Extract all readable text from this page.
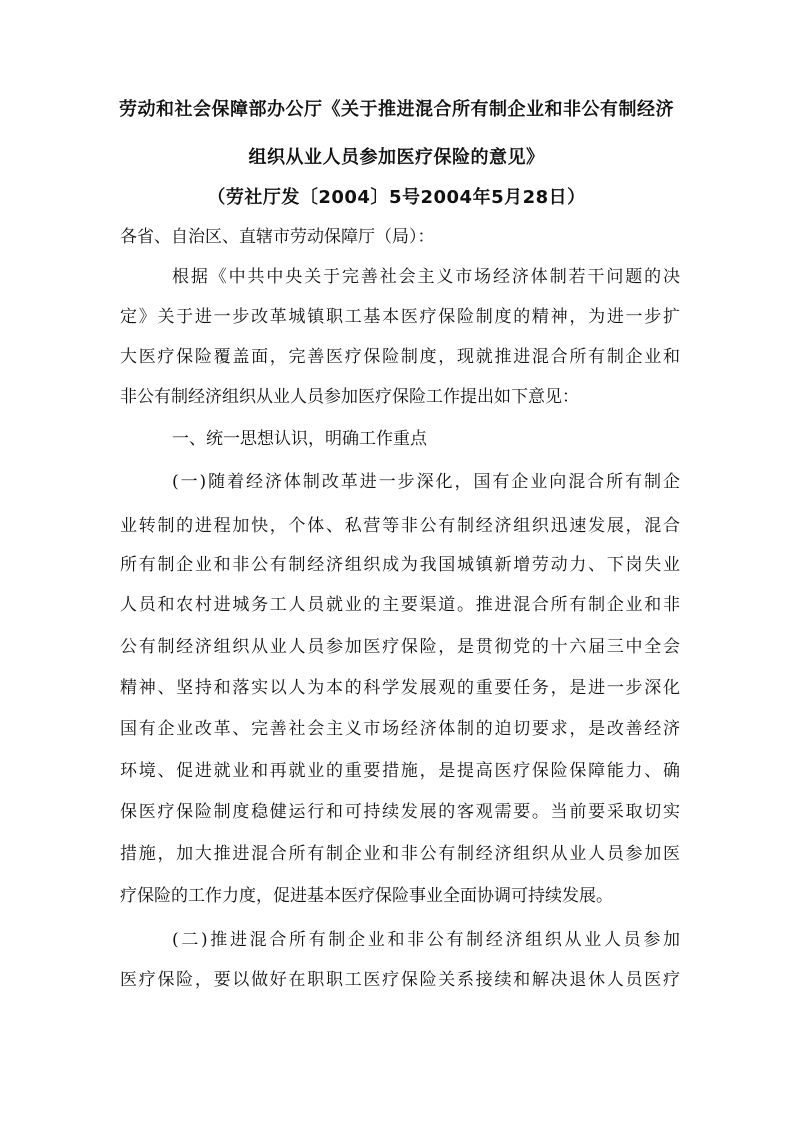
劳动和社会保障部办公厅《关于推进混合所有制企业和非公有制经济
组织从业人员参加医疗保险的意见》
（劳社厅发〔2004〕5号2004年5月28日）
各省、自治区、直辖市劳动保障厅（局）：
根据《中共中央关于完善社会主义市场经济体制若干问题的决
定》关于进一步改革城镇职工基本医疗保险制度的精神，为进一步扩
大医疗保险覆盖面，完善医疗保险制度，现就推进混合所有制企业和
非公有制经济组织从业人员参加医疗保险工作提出如下意见：
一、统一思想认识，明确工作重点
(一)随着经济体制改革进一步深化，国有企业向混合所有制企
业转制的进程加快，个体、私营等非公有制经济组织迅速发展，混合
所有制企业和非公有制经济组织成为我国城镇新增劳动力、下岗失业
人员和农村进城务工人员就业的主要渠道。推进混合所有制企业和非
公有制经济组织从业人员参加医疗保险，是贯彻党的十六届三中全会
精神、坚持和落实以人为本的科学发展观的重要任务，是进一步深化
国有企业改革、完善社会主义市场经济体制的迫切要求，是改善经济
环境、促进就业和再就业的重要措施，是提高医疗保险保障能力、确
保医疗保险制度稳健运行和可持续发展的客观需要。当前要采取切实
措施，加大推进混合所有制企业和非公有制经济组织从业人员参加医
疗保险的工作力度，促进基本医疗保险事业全面协调可持续发展。
(二)推进混合所有制企业和非公有制经济组织从业人员参加
医疗保险，要以做好在职职工医疗保险关系接续和解决退休人员医疗
